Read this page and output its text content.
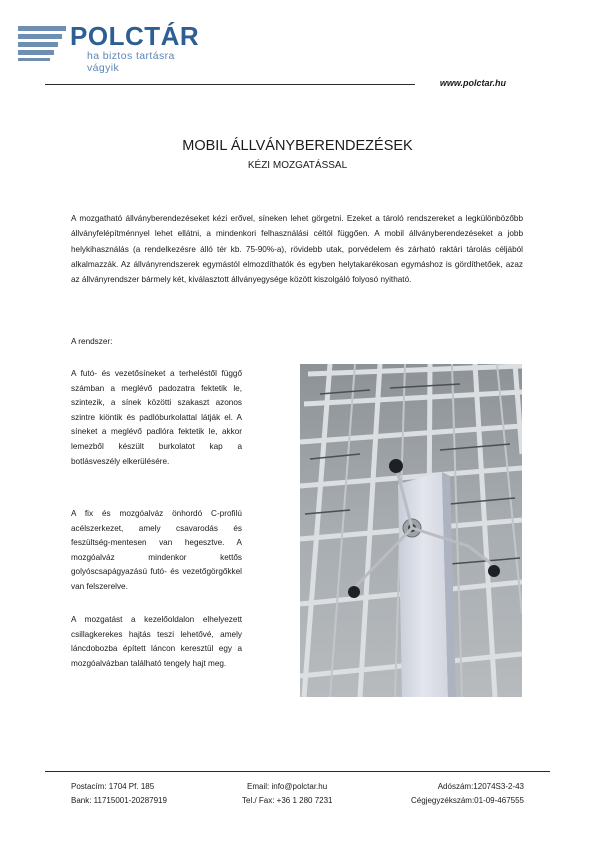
POLCTÁR
ha biztos tartásra vágyik
www.polctar.hu
MOBIL ÁLLVÁNYBERENDEZÉSEK
KÉZI MOZGATÁSSAL
A mozgatható állványberendezéseket kézi erővel, síneken lehet görgetni. Ezeket a tároló rendszereket a legkülönbözőbb állványfelépítménnyel lehet ellátni, a mindenkori felhasználási céltól függően. A mobil állványberendezéseket a jobb helykihasználás (a rendelkezésre álló tér kb. 75-90%-a), rövidebb utak, porvédelem és zárható raktári tárolás céljából alkalmazzák. Az állványrendszerek egymástól elmozdíthatók és egyben helytakarékosan egymáshoz is gördíthetőek, azaz az állványrendszer bármely két, kiválasztott állványegysége között kiszolgáló folyosó nyitható.
A rendszer:
A futó- és vezetősíneket a terheléstől függő számban a meglévő padozatra fektetik le, szintezik, a sínek közötti szakaszt azonos szintre kiöntik és padlóburkolattal látják el. A síneket a meglévő padlóra fektetik le, akkor lemezből készült burkolatot kap a botlásveszély elkerülésére.
A fix és mozgóalváz önhordó C-profilú acélszerkezet, amely csavarodás és feszültség-mentesen van hegesztve. A mozgóalváz mindenkor kettős golyóscsapágyazású futó- és vezetőgörgőkkel van felszerelve.
A mozgatást a kezelőoldalon elhelyezett csillagkerekes hajtás teszi lehetővé, amely láncdobozba épített láncon keresztül egy a mozgóalvázban található tengely hajt meg.
Postacím: 1704 Pf. 185
Bank: 11715001-20287919
Email: info@polctar.hu
Tel./ Fax: +36 1 280 7231
Adószám:12074S3-2-43
Cégjegyzékszám:01-09-467555
